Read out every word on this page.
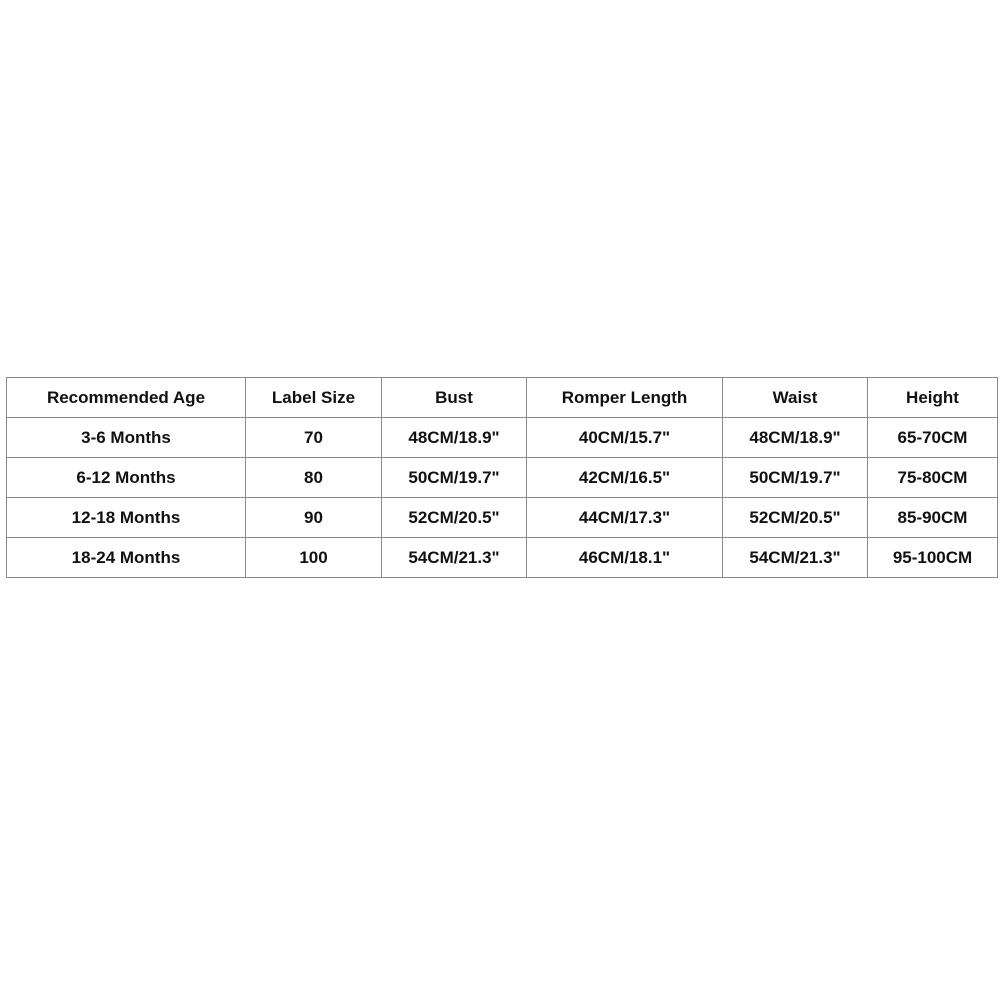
Recommended Age	Label Size	Bust	Romper Length	Waist	Height
3-6 Months	70	48CM/18.9"	40CM/15.7"	48CM/18.9"	65-70CM
6-12 Months	80	50CM/19.7"	42CM/16.5"	50CM/19.7"	75-80CM
12-18 Months	90	52CM/20.5"	44CM/17.3"	52CM/20.5"	85-90CM
18-24 Months	100	54CM/21.3"	46CM/18.1"	54CM/21.3"	95-100CM
